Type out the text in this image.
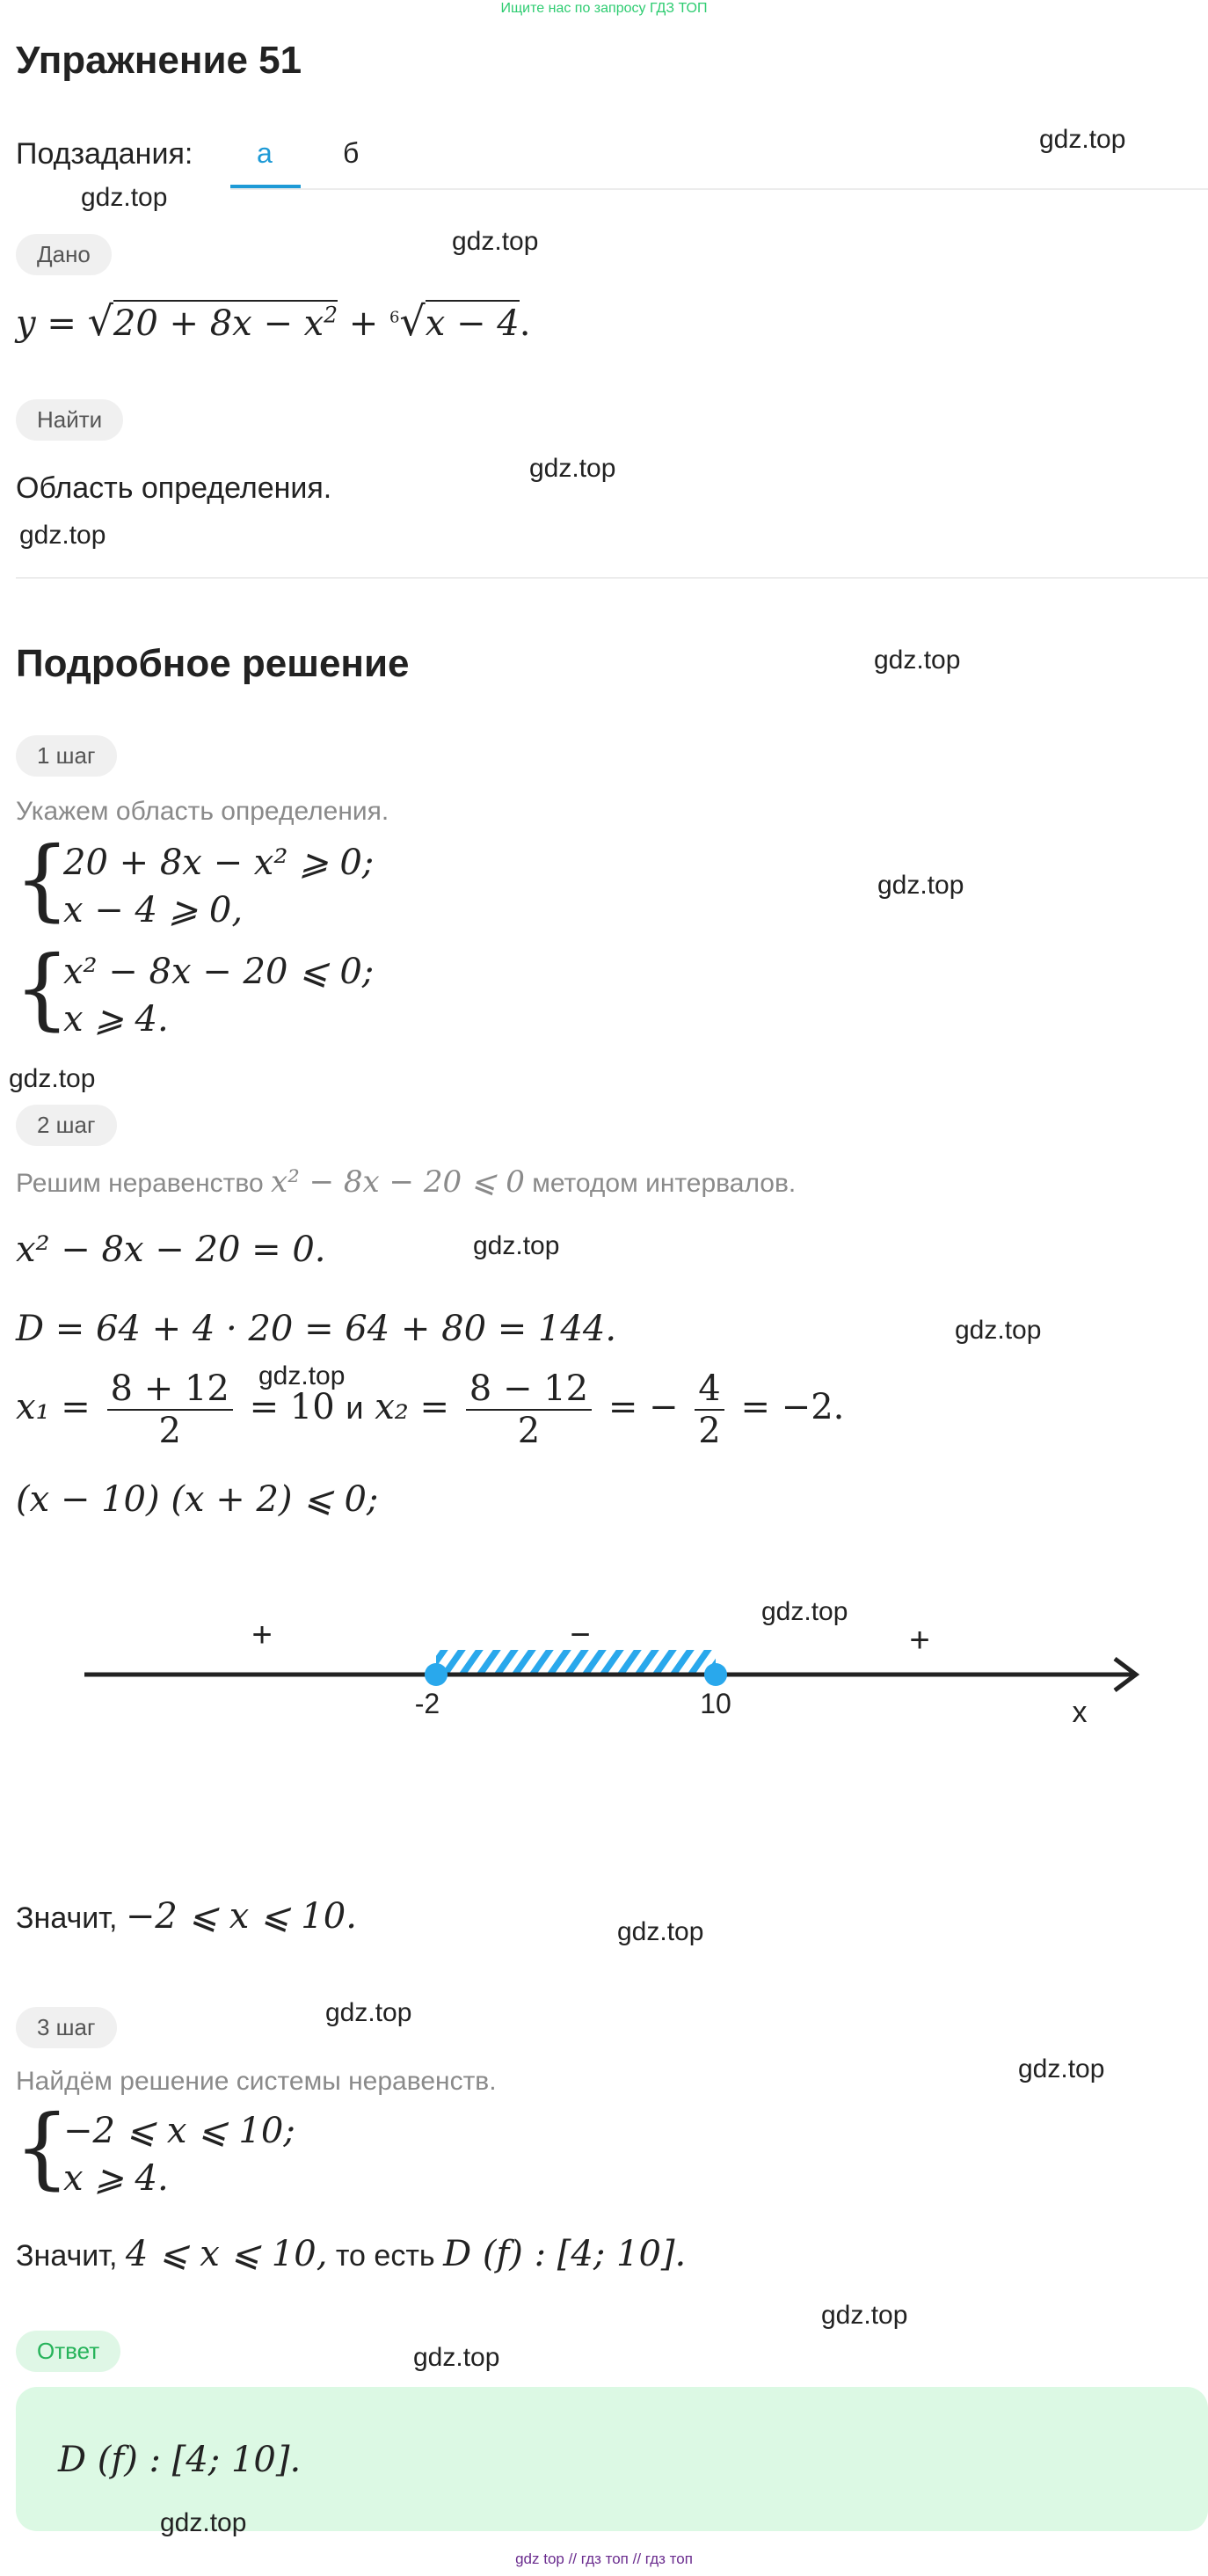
Ищите нас по запросу ГДЗ ТОП
Упражнение 51
Подзадания: а	б
Дано
$y = √20 + 8x - x^2 + ^6√x - 4$.
Найти
Область определения.
Подробное решение
1 шаг
Укажем область определения.
{
20 + 8x − x² ⩾ 0;
x − 4 ⩾ 0,
{
x² − 8x − 20 ⩽ 0;
x ⩾ 4.
2 шаг
Решим неравенство x² − 8x − 20 ⩽ 0 методом интервалов.
x² − 8x − 20 = 0.
D = 64 + 4 · 20 = 64 + 80 = 144.
$x_1 = \frac{8 + 12}{2} = 10$ и $x_2 = \frac{8 - 12}{2}$ = − $\frac{4}{2} = -2$.
(x − 10) (x + 2) ⩽ 0;
+	−	+
-2	10	x
Значит, −2 ⩽ x ⩽ 10.
3 шаг
Найдём решение системы неравенств.
{
−2 ⩽ x ⩽ 10;
x ⩾ 4.
Значит, 4 ⩽ x ⩽ 10, то есть D (f) : [4; 10].
Ответ
D (f) : [4; 10].
gdz.top
gdz.top
gdz.top
gdz.top
gdz.top
gdz.top
gdz.top
gdz.top
gdz.top
gdz.top
gdz.top
gdz.top
gdz.top
gdz.top
gdz.top
gdz.top
gdz.top
gdz.top
gdz top // гдз топ // гдз топ
